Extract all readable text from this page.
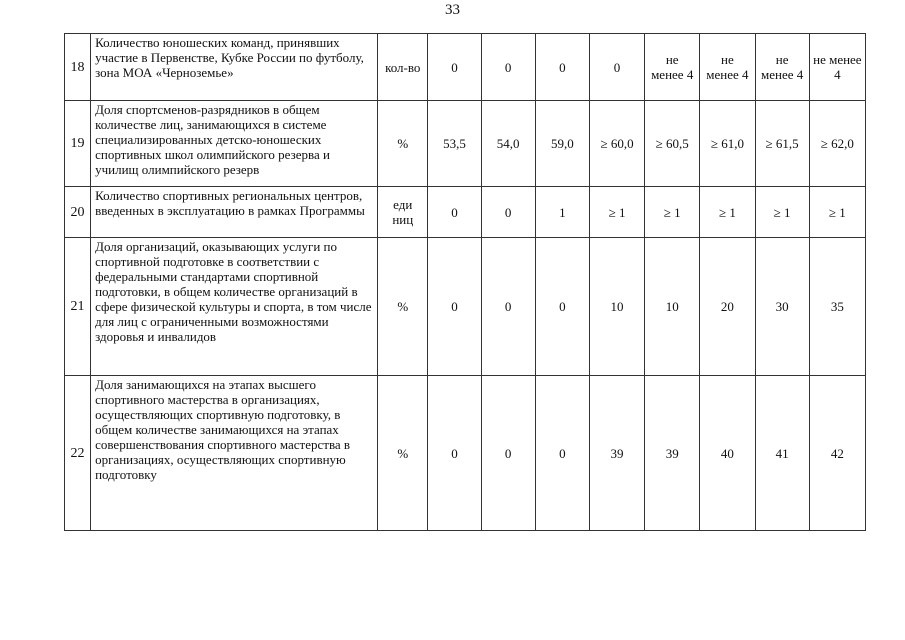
33
18	Количество юношеских команд, принявших участие в Первенстве, Кубке России по футболу, зона МОА «Черноземье»	кол-во	0	0	0	0	не менее 4	не менее 4	не менее 4	не менее 4
19	Доля спортсменов-разрядников в общем количестве лиц, занимающихся в системе специализированных детско-юношеских спортивных школ олимпийского резерва и училищ олимпийского резерв	%	53,5	54,0	59,0	≥ 60,0	≥ 60,5	≥ 61,0	≥ 61,5	≥ 62,0
20	Количество спортивных региональных центров, введенных в эксплуатацию в рамках Программы	еди ниц	0	0	1	≥ 1	≥ 1	≥ 1	≥ 1	≥ 1
21	Доля организаций, оказывающих услуги по спортивной подготовке в соответствии с федеральными стандартами спортивной подготовки, в общем количестве организаций в сфере физической культуры и спорта, в том числе для лиц с ограниченными возможностями здоровья и инвалидов	%	0	0	0	10	10	20	30	35
22	Доля занимающихся на этапах высшего спортивного мастерства в организациях, осуществляющих спортивную подготовку, в общем количестве занимающихся на этапах совершенствования спортивного мастерства в организациях, осуществляющих спортивную подготовку	%	0	0	0	39	39	40	41	42
